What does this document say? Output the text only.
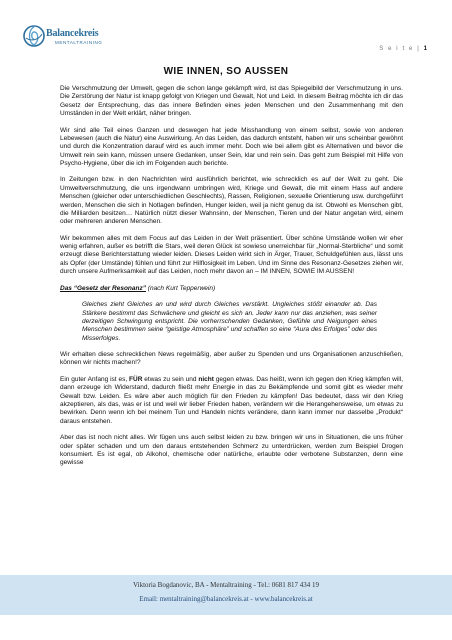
Balancekreis
MENTALTRAINING
S e i t e | 1
WIE INNEN, SO AUSSEN

Die Verschmutzung der Umwelt, gegen die schon lange gekämpft wird, ist das Spiegelbild der Verschmutzung in uns. Die Zerstörung der Natur ist knapp gefolgt von Kriegen und Gewalt, Not und Leid. In diesem Beitrag möchte ich dir das Gesetz der Entsprechung, das das innere Befinden eines jeden Menschen und den Zusammenhang mit den Umständen in der Welt erklärt, näher bringen.

Wir sind alle Teil eines Ganzen und deswegen hat jede Misshandlung von einem selbst, sowie von anderen Lebewesen (auch die Natur) eine Auswirkung. An das Leiden, das dadurch entsteht, haben wir uns scheinbar gewöhnt und durch die Konzentration darauf wird es auch immer mehr. Doch wie bei allem gibt es Alternativen und bevor die Umwelt rein sein kann, müssen unsere Gedanken, unser Sein, klar und rein sein. Das geht zum Beispiel mit Hilfe von Psycho-Hygiene, über die ich im Folgenden auch berichte.

In Zeitungen bzw. in den Nachrichten wird ausführlich berichtet, wie schrecklich es auf der Welt zu geht. Die Umweltverschmutzung, die uns irgendwann umbringen wird, Kriege und Gewalt, die mit einem Hass auf andere Menschen (gleicher oder unterschiedlichen Geschlechts), Rassen, Religionen, sexuelle Orientierung usw. durchgeführt werden, Menschen die sich in Notlagen befinden, Hunger leiden, weil ja nicht genug da ist. Obwohl es Menschen gibt, die Milliarden besitzen… Natürlich nützt dieser Wahnsinn, der Menschen, Tieren und der Natur angetan wird, einem oder mehreren anderen Menschen.

Wir bekommen alles mit dem Focus auf das Leiden in der Welt präsentiert. Über schöne Umstände wollen wir eher wenig erfahren, außer es betrifft die Stars, weil deren Glück ist sowieso unerreichbar für „Normal-Sterbliche“ und somit erzeugt diese Berichterstattung wieder leiden. Dieses Leiden wirkt sich in Ärger, Trauer, Schuldgefühlen aus, lässt uns als Opfer (der Umstände) fühlen und führt zur Hilflosigkeit im Leben. Und im Sinne des Resonanz-Gesetzes ziehen wir, durch unsere Aufmerksamkeit auf das Leiden, noch mehr davon an – IM INNEN, SOWIE IM AUSSEN!

Das “Gesetz der Resonanz” (nach Kurt Tepperwein)

Gleiches zieht Gleiches an und wird durch Gleiches verstärkt. Ungleiches stößt einander ab. Das Stärkere bestimmt das Schwächere und gleicht es sich an. Jeder kann nur das anziehen, was seiner derzeitigen Schwingung entspricht. Die vorherrschenden Gedanken, Gefühle und Neigungen eines Menschen bestimmen seine “geistige Atmosphäre” und schaffen so eine “Aura des Erfolges” oder des Misserfolges.

Wir erhalten diese schrecklichen News regelmäßig, aber außer zu Spenden und uns Organisationen anzuschließen, können wir nichts machen!?

Ein guter Anfang ist es, FÜR etwas zu sein und nicht gegen etwas. Das heißt, wenn ich gegen den Krieg kämpfen will, dann erzeuge ich Widerstand, dadurch fließt mehr Energie in das zu Bekämpfende und somit gibt es wieder mehr Gewalt bzw. Leiden. Es wäre aber auch möglich für den Frieden zu kämpfen! Das bedeutet, dass wir den Krieg akzeptieren, als das, was er ist und weil wir lieber Frieden haben, verändern wir die Herangehensweise, um etwas zu bewirken. Denn wenn ich bei meinem Tun und Handeln nichts verändere, dann kann immer nur dasselbe „Produkt“ daraus entstehen.

Aber das ist noch nicht alles. Wir fügen uns auch selbst leiden zu bzw. bringen wir uns in Situationen, die uns früher oder später schaden und um den daraus entstehenden Schmerz zu unterdrücken, werden zum Beispiel Drogen konsumiert. Es ist egal, ob Alkohol, chemische oder natürliche, erlaubte oder verbotene Substanzen, denn eine gewisse

Viktoria Bogdanovic, BA - Mentaltraining - Tel.: 0681 817 434 19
Email: mentaltraining@balancekreis.at - www.balancekreis.at
